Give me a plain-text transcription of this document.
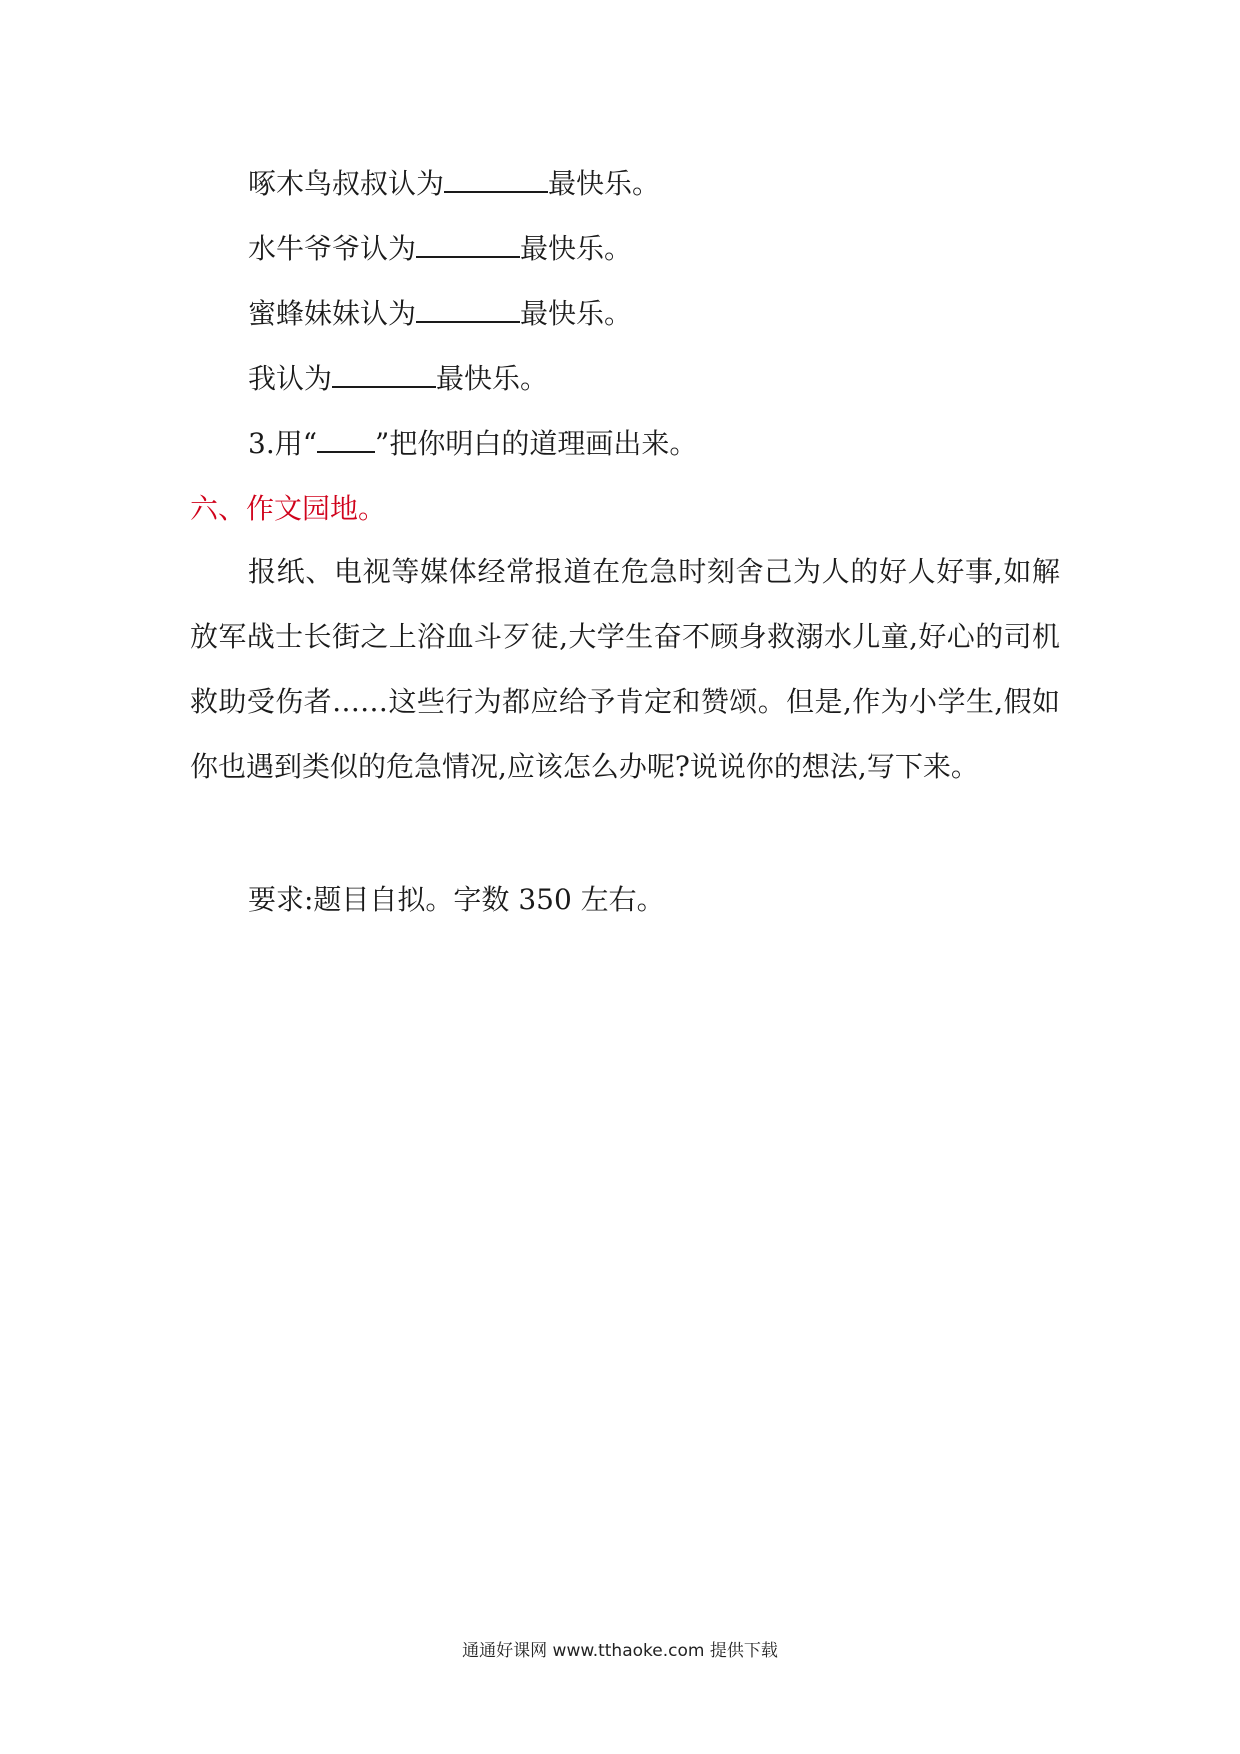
啄木鸟叔叔认为	最快乐。
水牛爷爷认为	最快乐。
蜜蜂妹妹认为	最快乐。
我认为	最快乐。
3.用“ ”把你明白的道理画出来。
六、作文园地。
报纸、电视等媒体经常报道在危急时刻舍己为人的好人好事,如解放军战士长街之上浴血斗歹徒,大学生奋不顾身救溺水儿童,好心的司机救助受伤者……这些行为都应给予肯定和赞颂。但是,作为小学生,假如你也遇到类似的危急情况,应该怎么办呢?说说你的想法,写下来。
要求:题目自拟。字数 350 左右。
通通好课网 www.tthaoke.com 提供下载
